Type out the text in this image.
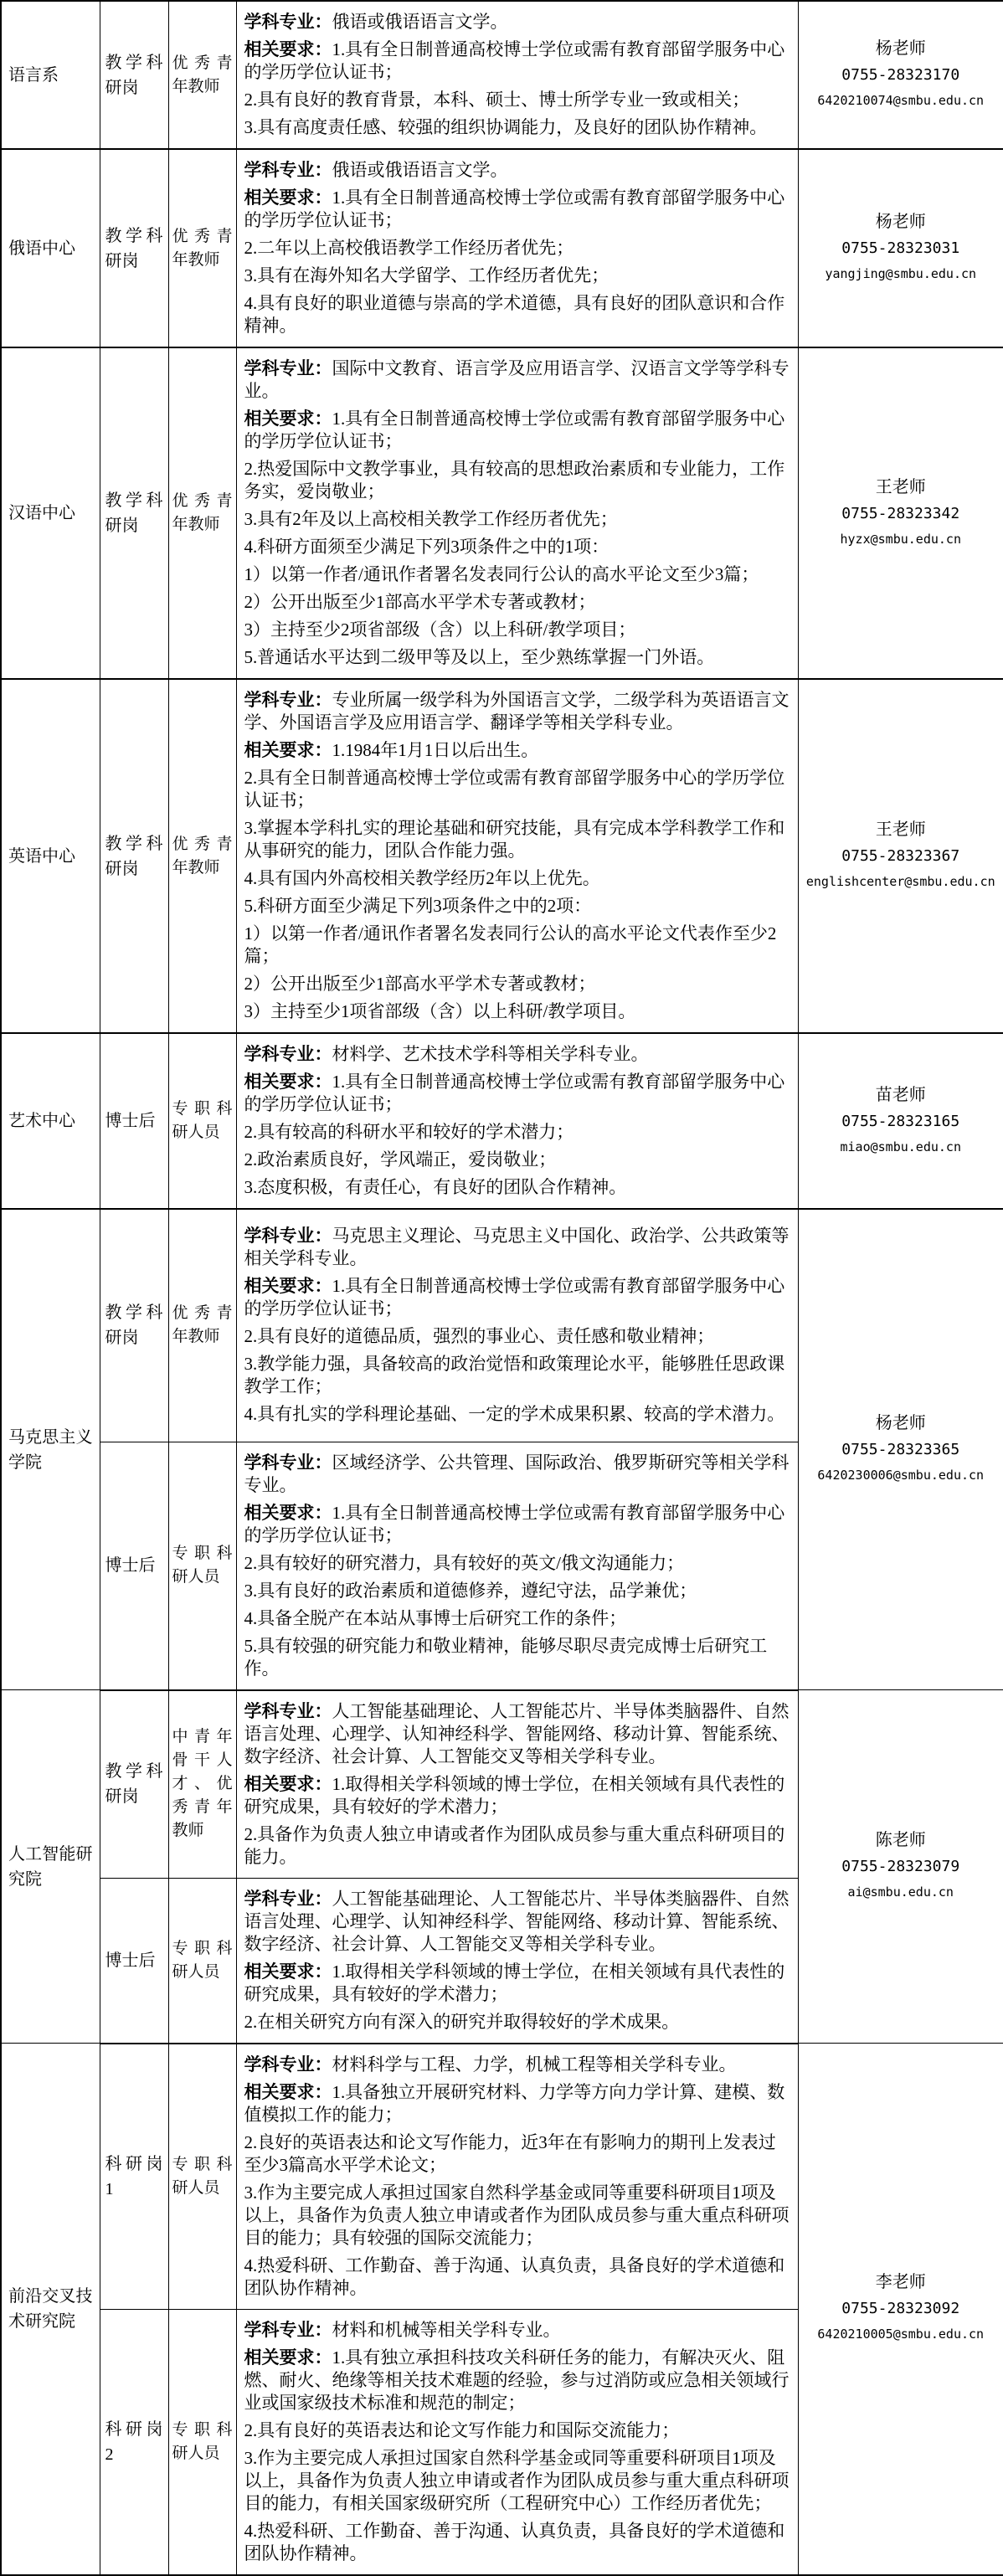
语言系	教学科研岗	优秀青年教师	

学科专业：俄语或俄语语言文学。

相关要求：1.具有全日制普通高校博士学位或需有教育部留学服务中心的学历学位认证书；

2.具有良好的教育背景，本科、硕士、博士所学专业一致或相关；

3.具有高度责任感、较强的组织协调能力，及良好的团队协作精神。

杨老师
0755-28323170
6420210074@smbu.edu.cn

俄语中心	教学科研岗	优秀青年教师	

学科专业：俄语或俄语语言文学。

相关要求：1.具有全日制普通高校博士学位或需有教育部留学服务中心的学历学位认证书；

2.二年以上高校俄语教学工作经历者优先；

3.具有在海外知名大学留学、工作经历者优先；

4.具有良好的职业道德与崇高的学术道德，具有良好的团队意识和合作精神。

杨老师
0755-28323031
yangjing@smbu.edu.cn

汉语中心	教学科研岗	优秀青年教师	

学科专业：国际中文教育、语言学及应用语言学、汉语言文学等学科专业。

相关要求：1.具有全日制普通高校博士学位或需有教育部留学服务中心的学历学位认证书；

2.热爱国际中文教学事业，具有较高的思想政治素质和专业能力，工作务实，爱岗敬业；

3.具有2年及以上高校相关教学工作经历者优先；

4.科研方面须至少满足下列3项条件之中的1项：

1）以第一作者/通讯作者署名发表同行公认的高水平论文至少3篇；

2）公开出版至少1部高水平学术专著或教材；

3）主持至少2项省部级（含）以上科研/教学项目；

5.普通话水平达到二级甲等及以上，至少熟练掌握一门外语。

王老师
0755-28323342
hyzx@smbu.edu.cn

英语中心	教学科研岗	优秀青年教师	

学科专业：专业所属一级学科为外国语言文学，二级学科为英语语言文学、外国语言学及应用语言学、翻译学等相关学科专业。

相关要求：1.1984年1月1日以后出生。

2.具有全日制普通高校博士学位或需有教育部留学服务中心的学历学位认证书；

3.掌握本学科扎实的理论基础和研究技能，具有完成本学科教学工作和从事研究的能力，团队合作能力强。

4.具有国内外高校相关教学经历2年以上优先。

5.科研方面至少满足下列3项条件之中的2项：

1）以第一作者/通讯作者署名发表同行公认的高水平论文代表作至少2篇；

2）公开出版至少1部高水平学术专著或教材；

3）主持至少1项省部级（含）以上科研/教学项目。

王老师
0755-28323367
englishcenter@smbu.edu.cn

艺术中心	博士后	专职科研人员	

学科专业：材料学、艺术技术学科等相关学科专业。

相关要求：1.具有全日制普通高校博士学位或需有教育部留学服务中心的学历学位认证书；

2.具有较高的科研水平和较好的学术潜力；

2.政治素质良好，学风端正，爱岗敬业；

3.态度积极，有责任心，有良好的团队合作精神。

苗老师
0755-28323165
miao@smbu.edu.cn

马克思主义学院	教学科研岗	优秀青年教师	

学科专业：马克思主义理论、马克思主义中国化、政治学、公共政策等相关学科专业。

相关要求：1.具有全日制普通高校博士学位或需有教育部留学服务中心的学历学位认证书；

2.具有良好的道德品质，强烈的事业心、责任感和敬业精神；

3.教学能力强，具备较高的政治觉悟和政策理论水平，能够胜任思政课教学工作；

4.具有扎实的学科理论基础、一定的学术成果积累、较高的学术潜力。	杨老师
0755-28323365
6420230006@smbu.edu.cn

博士后	专职科研人员	

学科专业：区域经济学、公共管理、国际政治、俄罗斯研究等相关学科专业。

相关要求：1.具有全日制普通高校博士学位或需有教育部留学服务中心的学历学位认证书；

2.具有较好的研究潜力，具有较好的英文/俄文沟通能力；

3.具有良好的政治素质和道德修养，遵纪守法，品学兼优；

4.具备全脱产在本站从事博士后研究工作的条件；

5.具有较强的研究能力和敬业精神，能够尽职尽责完成博士后研究工作。

人工智能研究院	教学科研岗	中青年骨干人才、优秀青年教师	

学科专业：人工智能基础理论、人工智能芯片、半导体类脑器件、自然语言处理、心理学、认知神经科学、智能网络、移动计算、智能系统、数字经济、社会计算、人工智能交叉等相关学科专业。

相关要求：1.取得相关学科领域的博士学位，在相关领域有具代表性的研究成果，具有较好的学术潜力；

2.具备作为负责人独立申请或者作为团队成员参与重大重点科研项目的能力。

陈老师
0755-28323079
ai@smbu.edu.cn

	博士后	专职科研人员	学科专业：人工智能基础理论、人工智能芯片、半导体类脑器件、自然语言处理、心理学、认知神经科学、智能网络、移动计算、智能系统、数字经济、社会计算、人工智能交叉等相关学科专业。

相关要求：1.取得相关学科领域的博士学位，在相关领域有具代表性的研究成果，具有较好的学术潜力；

2.在相关研究方向有深入的研究并取得较好的学术成果。	

前沿交叉技术研究院	科研岗1	专职科研人员	

学科专业：材料科学与工程、力学，机械工程等相关学科专业。

相关要求：1.具备独立开展研究材料、力学等方向力学计算、建模、数值模拟工作的能力；

2.良好的英语表达和论文写作能力，近3年在有影响力的期刊上发表过至少3篇高水平学术论文；

3.作为主要完成人承担过国家自然科学基金或同等重要科研项目1项及以上，具备作为负责人独立申请或者作为团队成员参与重大重点科研项目的能力；具有较强的国际交流能力；

4.热爱科研、工作勤奋、善于沟通、认真负责，具备良好的学术道德和团队协作精神。	李老师
0755-28323092
6420210005@smbu.edu.cn

	科研岗2	专职科研人员	学科专业：材料和机械等相关学科专业。

相关要求：1.具有独立承担科技攻关科研任务的能力，有解决灭火、阻燃、耐火、绝缘等相关技术难题的经验，参与过消防或应急相关领域行业或国家级技术标准和规范的制定；

2.具有良好的英语表达和论文写作能力和国际交流能力；

3.作为主要完成人承担过国家自然科学基金或同等重要科研项目1项及以上，具备作为负责人独立申请或者作为团队成员参与重大重点科研项目的能力，有相关国家级研究所（工程研究中心）工作经历者优先；

4.热爱科研、工作勤奋、善于沟通、认真负责，具备良好的学术道德和团队协作精神。	
